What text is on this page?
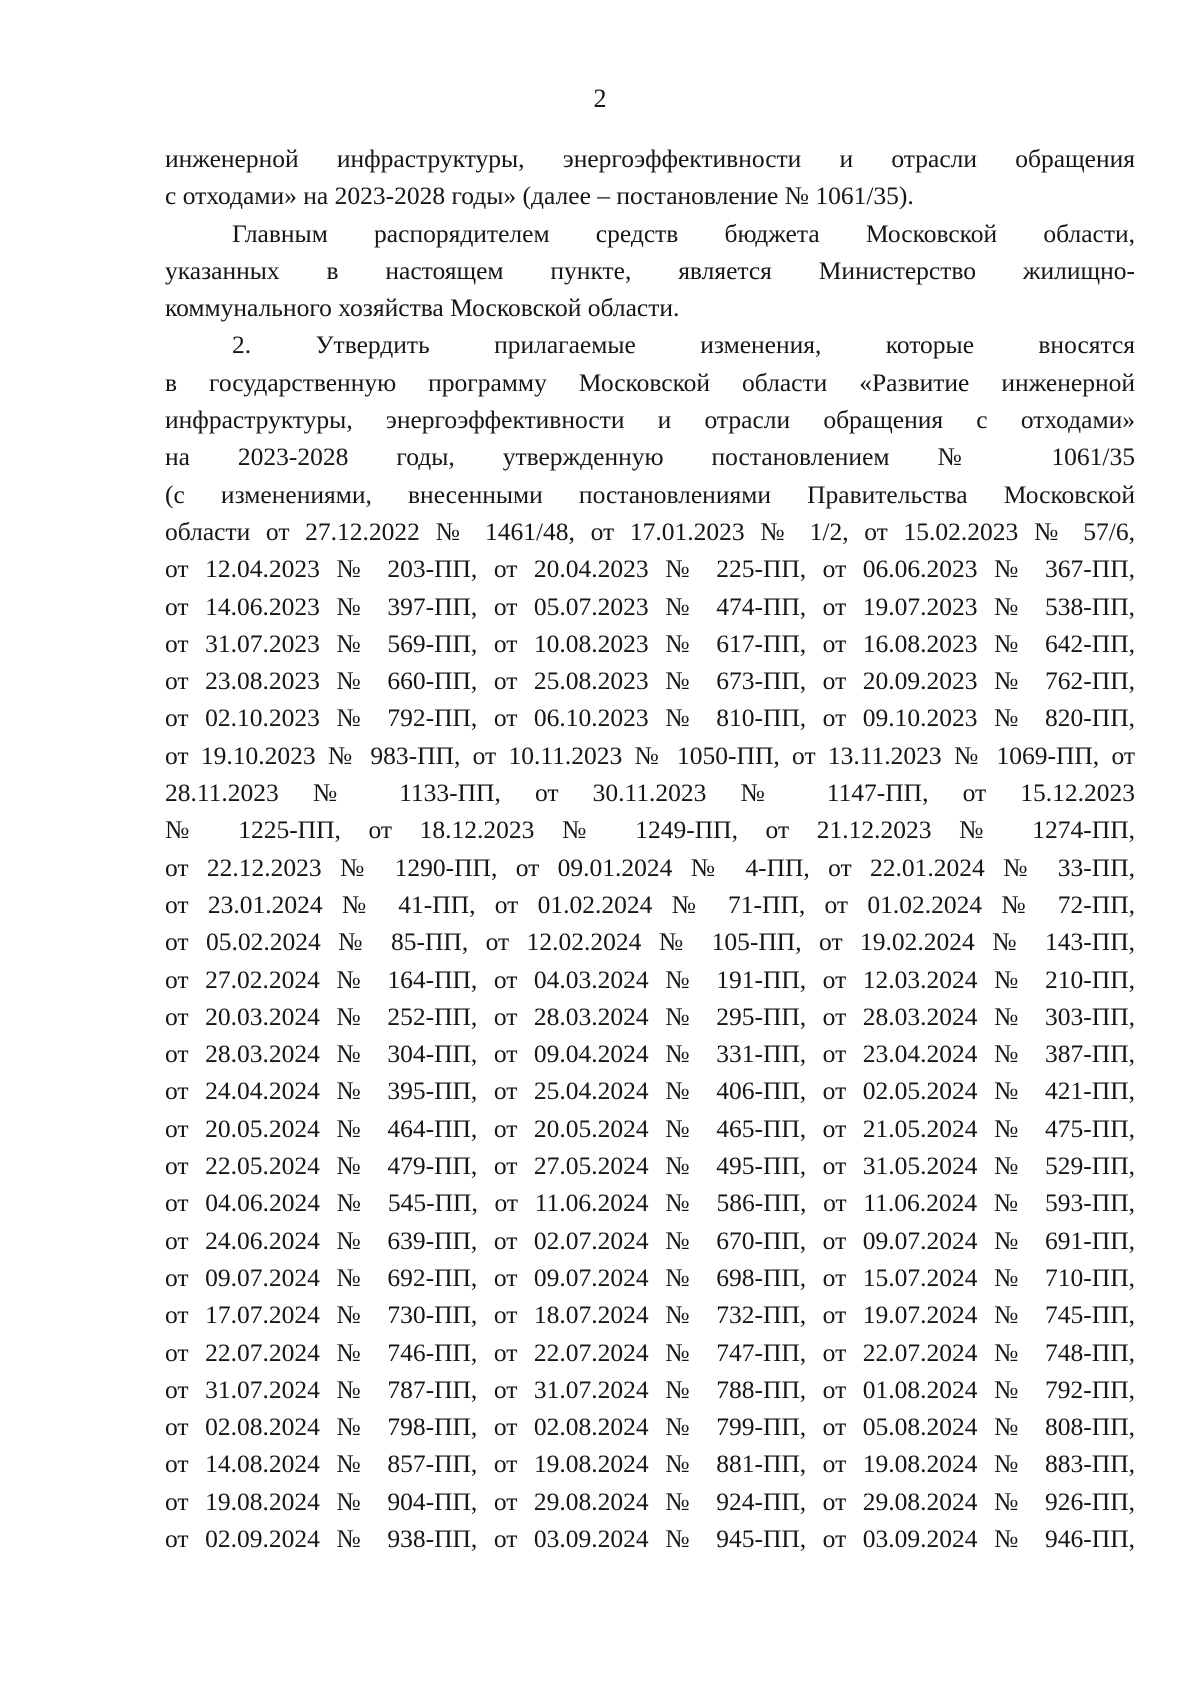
2
инженерной инфраструктуры, энергоэффективности и отрасли обращения
с отходами» на 2023-2028 годы» (далее – постановление № 1061/35).
Главным распорядителем средств бюджета Московской области,
указанных в настоящем пункте, является Министерство жилищно-
коммунального хозяйства Московской области.
2. Утвердить прилагаемые изменения, которые вносятся
в государственную программу Московской области «Развитие инженерной
инфраструктуры, энергоэффективности и отрасли обращения с отходами»
на 2023-2028 годы, утвержденную постановлением № 1061/35
(с изменениями, внесенными постановлениями Правительства Московской
области от 27.12.2022 № 1461/48, от 17.01.2023 № 1/2, от 15.02.2023 № 57/6,
от 12.04.2023 № 203-ПП, от 20.04.2023 № 225-ПП, от 06.06.2023 № 367-ПП,
от 14.06.2023 № 397-ПП, от 05.07.2023 № 474-ПП, от 19.07.2023 № 538-ПП,
от 31.07.2023 № 569-ПП, от 10.08.2023 № 617-ПП, от 16.08.2023 № 642-ПП,
от 23.08.2023 № 660-ПП, от 25.08.2023 № 673-ПП, от 20.09.2023 № 762-ПП,
от 02.10.2023 № 792-ПП, от 06.10.2023 № 810-ПП, от 09.10.2023 № 820-ПП,
от 19.10.2023 № 983-ПП, от 10.11.2023 № 1050-ПП, от 13.11.2023 № 1069-ПП, от
28.11.2023 № 1133-ПП, от 30.11.2023 № 1147-ПП, от 15.12.2023
№ 1225-ПП, от 18.12.2023 № 1249-ПП, от 21.12.2023 № 1274-ПП,
от 22.12.2023 № 1290-ПП, от 09.01.2024 № 4-ПП, от 22.01.2024 № 33-ПП,
от 23.01.2024 № 41-ПП, от 01.02.2024 № 71-ПП, от 01.02.2024 № 72-ПП,
от 05.02.2024 № 85-ПП, от 12.02.2024 № 105-ПП, от 19.02.2024 № 143-ПП,
от 27.02.2024 № 164-ПП, от 04.03.2024 № 191-ПП, от 12.03.2024 № 210-ПП,
от 20.03.2024 № 252-ПП, от 28.03.2024 № 295-ПП, от 28.03.2024 № 303-ПП,
от 28.03.2024 № 304-ПП, от 09.04.2024 № 331-ПП, от 23.04.2024 № 387-ПП,
от 24.04.2024 № 395-ПП, от 25.04.2024 № 406-ПП, от 02.05.2024 № 421-ПП,
от 20.05.2024 № 464-ПП, от 20.05.2024 № 465-ПП, от 21.05.2024 № 475-ПП,
от 22.05.2024 № 479-ПП, от 27.05.2024 № 495-ПП, от 31.05.2024 № 529-ПП,
от 04.06.2024 № 545-ПП, от 11.06.2024 № 586-ПП, от 11.06.2024 № 593-ПП,
от 24.06.2024 № 639-ПП, от 02.07.2024 № 670-ПП, от 09.07.2024 № 691-ПП,
от 09.07.2024 № 692-ПП, от 09.07.2024 № 698-ПП, от 15.07.2024 № 710-ПП,
от 17.07.2024 № 730-ПП, от 18.07.2024 № 732-ПП, от 19.07.2024 № 745-ПП,
от 22.07.2024 № 746-ПП, от 22.07.2024 № 747-ПП, от 22.07.2024 № 748-ПП,
от 31.07.2024 № 787-ПП, от 31.07.2024 № 788-ПП, от 01.08.2024 № 792-ПП,
от 02.08.2024 № 798-ПП, от 02.08.2024 № 799-ПП, от 05.08.2024 № 808-ПП,
от 14.08.2024 № 857-ПП, от 19.08.2024 № 881-ПП, от 19.08.2024 № 883-ПП,
от 19.08.2024 № 904-ПП, от 29.08.2024 № 924-ПП, от 29.08.2024 № 926-ПП,
от 02.09.2024 № 938-ПП, от 03.09.2024 № 945-ПП, от 03.09.2024 № 946-ПП,
